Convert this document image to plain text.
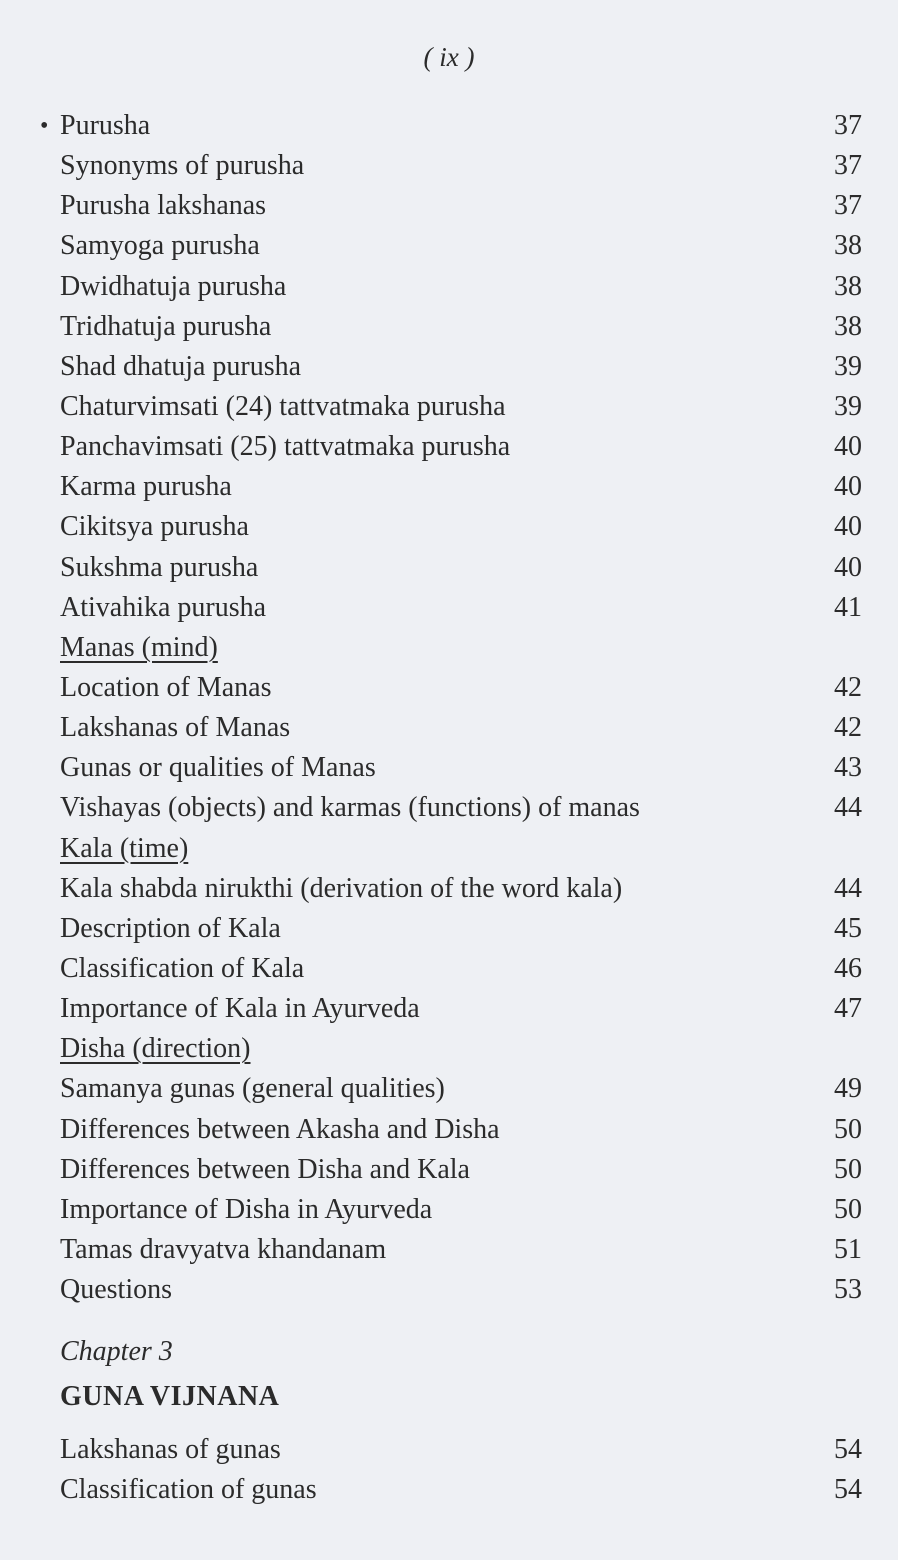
( ix )
• Purusha	37
Synonyms of purusha	37
Purusha lakshanas	37
Samyoga purusha	38
Dwidhatuja purusha	38
Tridhatuja purusha	38
Shad dhatuja purusha	39
Chaturvimsati (24) tattvatmaka purusha	39
Panchavimsati (25) tattvatmaka purusha	40
Karma purusha	40
Cikitsya purusha	40
Sukshma purusha	40
Ativahika purusha	41
Manas (mind)
Location of Manas	42
Lakshanas of Manas	42
Gunas or qualities of Manas	43
Vishayas (objects) and karmas (functions) of manas	44
Kala (time)
Kala shabda nirukthi (derivation of the word kala)	44
Description of Kala	45
Classification of Kala	46
Importance of Kala in Ayurveda	47
Disha (direction)
Samanya gunas (general qualities)	49
Differences between Akasha and Disha	50
Differences between Disha and Kala	50
Importance of Disha in Ayurveda	50
Tamas dravyatva khandanam	51
Questions	53
Chapter 3
GUNA VIJNANA
Lakshanas of gunas	54
Classification of gunas	54
